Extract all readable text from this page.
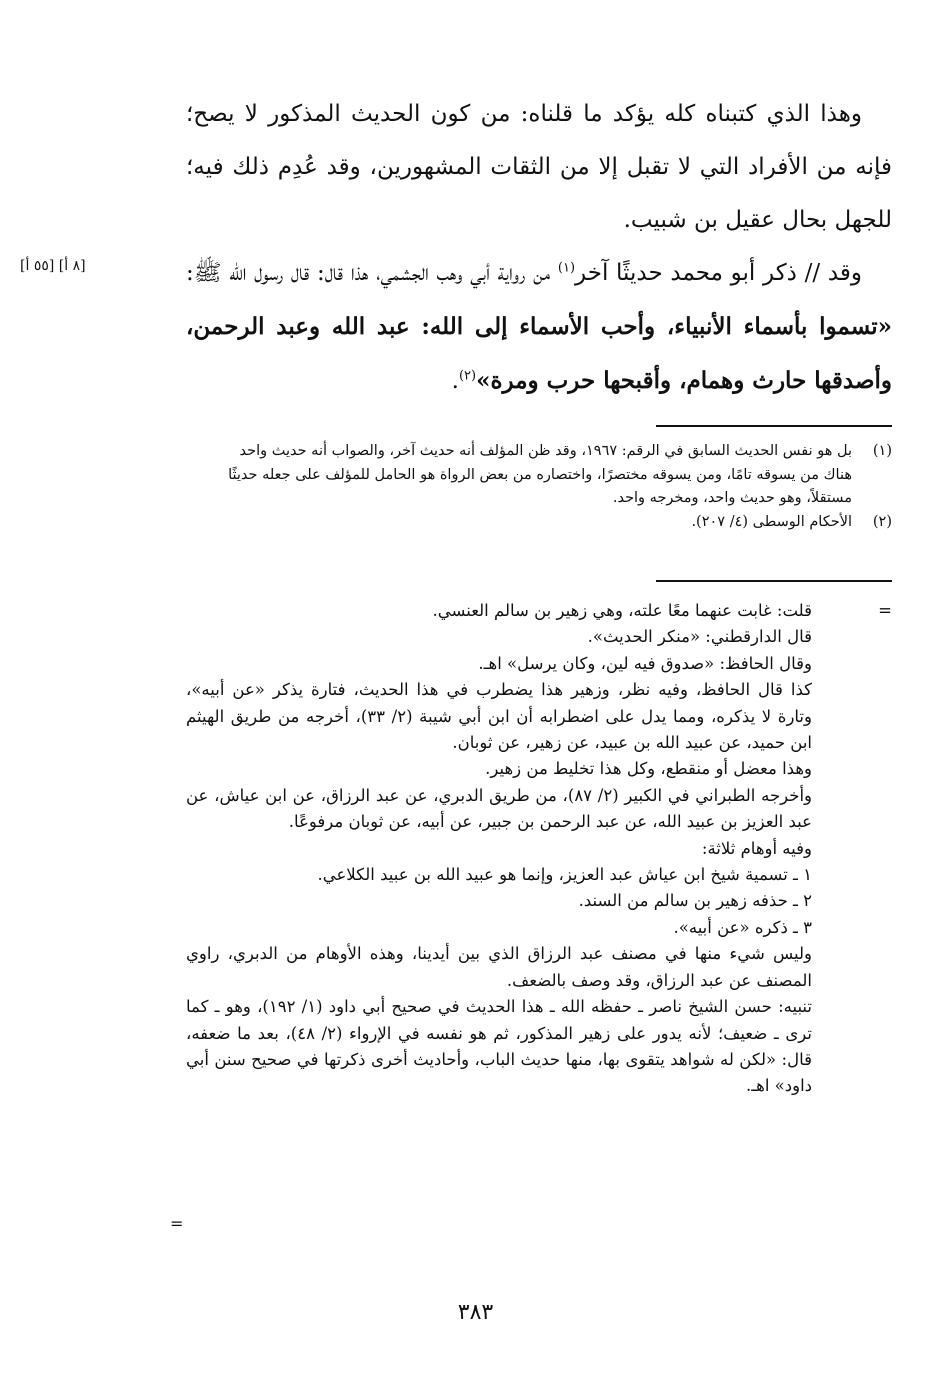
وهذا الذي كتبناه كله يؤكد ما قلناه: من كون الحديث المذكور لا يصح؛ فإنه من الأفراد التي لا تقبل إلا من الثقات المشهورين، وقد عُدِم ذلك فيه؛ للجهل بحال عقيل بن شبيب.

وقد // ذكر أبو محمد حديثًا آخر$^{(١)}$ من رواية أبي وهب الجشمي، هذا قال: قال رسول الله ﷺ: «تسموا بأسماء الأنبياء، وأحب الأسماء إلى الله: عبد الله وعبد الرحمن، وأصدقها حارث وهمام، وأقبحها حرب ومرة»$^{(٢)}$.

[٨ أ] [٥٥ أ]
(١)

بل هو نفس الحديث السابق في الرقم: ١٩٦٧، وقد ظن المؤلف أنه حديث آخر، والصواب أنه حديث واحد

هناك من يسوقه تامًا، ومن يسوقه مختصرًا، واختصاره من بعض الرواة هو الحامل للمؤلف على جعله حديثًا

مستقلاً، وهو حديث واحد، ومخرجه واحد.

(٢)

الأحكام الوسطى (٤/ ٢٠٧).

=

قلت: غابت عنهما معًا علته، وهي زهير بن سالم العنسي.

قال الدارقطني: «منكر الحديث».

وقال الحافظ: «صدوق فيه لين، وكان يرسل» اهـ.

كذا قال الحافظ، وفيه نظر، وزهير هذا يضطرب في هذا الحديث، فتارة يذكر «عن أبيه»، وتارة لا يذكره، ومما يدل على اضطرابه أن ابن أبي شيبة (٢/ ٣٣)، أخرجه من طريق الهيثم ابن حميد، عن عبيد الله بن عبيد، عن زهير، عن ثوبان.

وهذا معضل أو منقطع، وكل هذا تخليط من زهير.

وأخرجه الطبراني في الكبير (٢/ ٨٧)، من طريق الدبري، عن عبد الرزاق، عن ابن عياش، عن عبد العزيز بن عبيد الله، عن عبد الرحمن بن جبير، عن أبيه، عن ثوبان مرفوعًا.

وفيه أوهام ثلاثة:

١ ـ تسمية شيخ ابن عياش عبد العزيز، وإنما هو عبيد الله بن عبيد الكلاعي.

٢ ـ حذفه زهير بن سالم من السند.

٣ ـ ذكره «عن أبيه».

وليس شيء منها في مصنف عبد الرزاق الذي بين أيدينا، وهذه الأوهام من الدبري، راوي المصنف عن عبد الرزاق، وقد وصف بالضعف.

تنبيه: حسن الشيخ ناصر ـ حفظه الله ـ هذا الحديث في صحيح أبي داود (١/ ١٩٢)، وهو ـ كما ترى ـ ضعيف؛ لأنه يدور على زهير المذكور، ثم هو نفسه في الإرواء (٢/ ٤٨)، بعد ما ضعفه، قال: «لكن له شواهد يتقوى بها، منها حديث الباب، وأحاديث أخرى ذكرتها في صحيح سنن أبي داود» اهـ.

=
٣٨٣
